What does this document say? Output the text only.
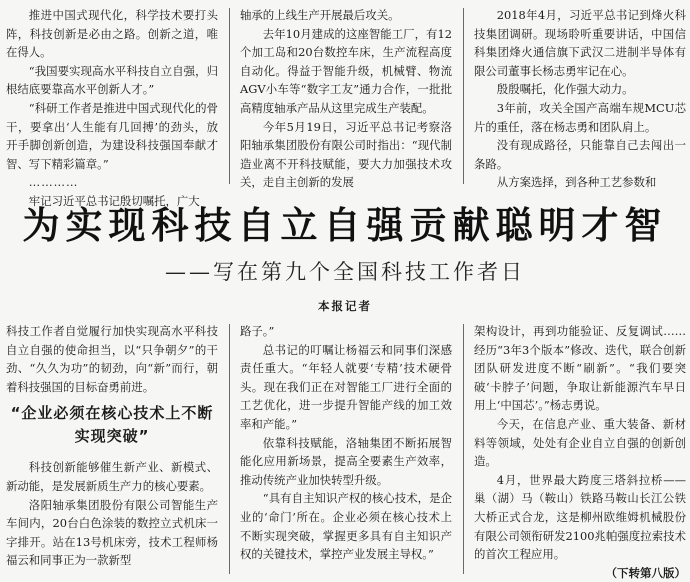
推进中国式现代化，科学技术要打头阵，科技创新是必由之路。创新之道，唯在得人。

“我国要实现高水平科技自立自强，归根结底要靠高水平创新人才。”

“科研工作者是推进中国式现代化的骨干，要拿出‘人生能有几回搏’的劲头，放开手脚创新创造，为建设科技强国奉献才智、写下精彩篇章。”

…………

牢记习近平总书记殷切嘱托，广大

轴承的上线生产开展最后攻关。

去年10月建成的这座智能工厂，有12个加工岛和20台数控车床，生产流程高度自动化。得益于智能升级，机械臂、物流AGV小车等“数字工友”通力合作，一批批高精度轴承产品从这里完成生产装配。

今年5月19日，习近平总书记考察洛阳轴承集团股份有限公司时指出：“现代制造业离不开科技赋能，要大力加强技术攻关，走自主创新的发展

2018年4月，习近平总书记到烽火科技集团调研。现场聆听重要讲话，中国信科集团烽火通信旗下武汉二进制半导体有限公司董事长杨志勇牢记在心。

殷殷嘱托，化作强大动力。

3年前，攻关全国产高端车规MCU芯片的重任，落在杨志勇和团队肩上。

没有现成路径，只能靠自己去闯出一条路。

从方案选择，到各种工艺参数和

为实现科技自立自强贡献聪明才智
——写在第九个全国科技工作者日
本报记者

科技工作者自觉履行加快实现高水平科技自立自强的使命担当，以“只争朝夕”的干劲、“久久为功”的韧劲，向“新”而行，朝着科技强国的目标奋勇前进。

“企业必须在核心技术上不断实现突破”

科技创新能够催生新产业、新模式、新动能，是发展新质生产力的核心要素。

洛阳轴承集团股份有限公司智能生产车间内，20台白色涂装的数控立式机床一字排开。站在13号机床旁，技术工程师杨福云和同事正为一款新型

路子。”

总书记的叮嘱让杨福云和同事们深感责任重大。“年轻人就要‘专精’技术硬骨头。现在我们正在对智能工厂进行全面的工艺优化，进一步提升智能产线的加工效率和产能。”

依靠科技赋能，洛轴集团不断拓展智能化应用新场景，提高全要素生产效率，推动传统产业加快转型升级。

“具有自主知识产权的核心技术，是企业的‘命门’所在。企业必须在核心技术上不断实现突破，掌握更多具有自主知识产权的关键技术，掌控产业发展主导权。”

架构设计，再到功能验证、反复调试……经历“3年3个版本”修改、迭代，联合创新团队研发进度不断“刷新”。“我们要突破‘卡脖子’问题，争取让新能源汽车早日用上‘中国芯’。”杨志勇说。

今天，在信息产业、重大装备、新材料等领域，处处有企业自立自强的创新创造。

4月，世界最大跨度三塔斜拉桥——巢（湖）马（鞍山）铁路马鞍山长江公铁大桥正式合龙，这是柳州欧维姆机械股份有限公司领衔研发2100兆帕强度拉索技术的首次工程应用。

（下转第八版）
